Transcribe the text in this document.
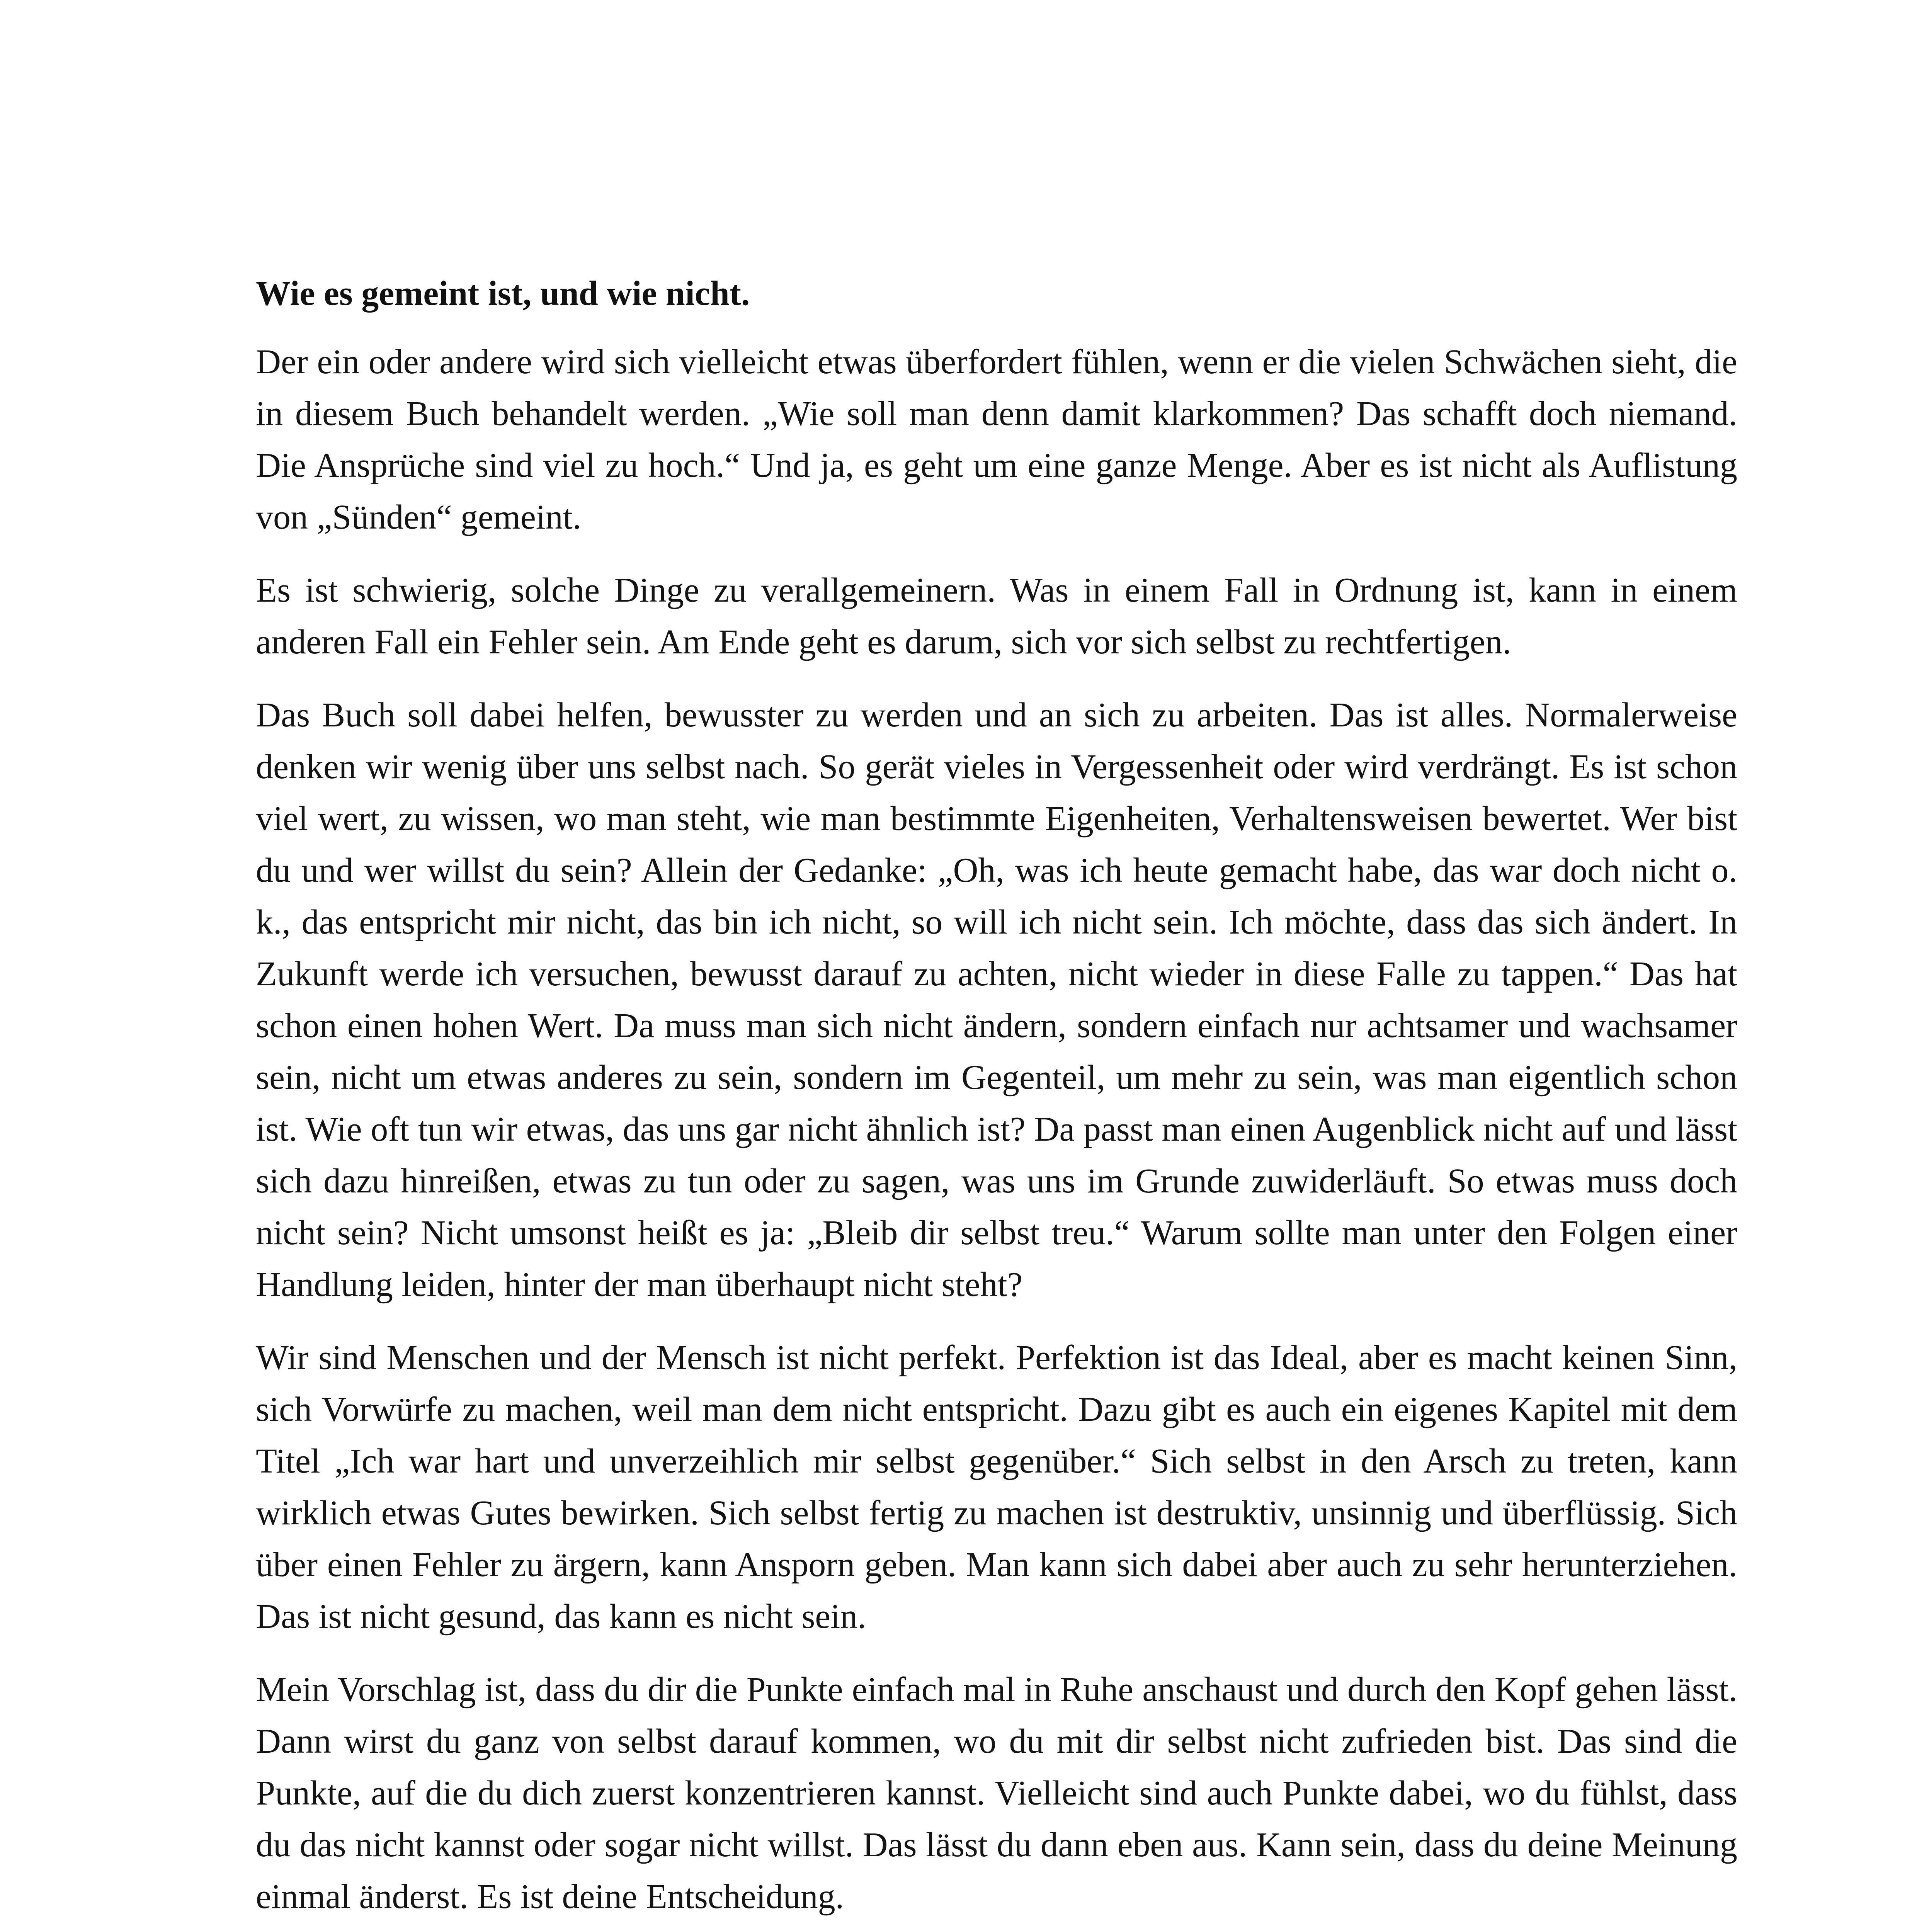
Wie es gemeint ist, und wie nicht.

Der ein oder andere wird sich vielleicht etwas überfordert fühlen, wenn er die vielen Schwächen sieht, die in diesem Buch behandelt werden. „Wie soll man denn damit klarkommen? Das schafft doch niemand. Die Ansprüche sind viel zu hoch.“ Und ja, es geht um eine ganze Menge. Aber es ist nicht als Auflistung von „Sünden“ gemeint.

Es ist schwierig, solche Dinge zu verallgemeinern. Was in einem Fall in Ordnung ist, kann in einem anderen Fall ein Fehler sein. Am Ende geht es darum, sich vor sich selbst zu rechtfertigen.

Das Buch soll dabei helfen, bewusster zu werden und an sich zu arbeiten. Das ist alles. Normalerweise denken wir wenig über uns selbst nach. So gerät vieles in Vergessenheit oder wird verdrängt. Es ist schon viel wert, zu wissen, wo man steht, wie man bestimmte Eigenheiten, Verhaltensweisen bewertet. Wer bist du und wer willst du sein? Allein der Gedanke: „Oh, was ich heute gemacht habe, das war doch nicht o. k., das entspricht mir nicht, das bin ich nicht, so will ich nicht sein. Ich möchte, dass das sich ändert. In Zukunft werde ich versuchen, bewusst darauf zu achten, nicht wieder in diese Falle zu tappen.“ Das hat schon einen hohen Wert. Da muss man sich nicht ändern, sondern einfach nur achtsamer und wachsamer sein, nicht um etwas anderes zu sein, sondern im Gegenteil, um mehr zu sein, was man eigentlich schon ist. Wie oft tun wir etwas, das uns gar nicht ähnlich ist? Da passt man einen Augenblick nicht auf und lässt sich dazu hinreißen, etwas zu tun oder zu sagen, was uns im Grunde zuwiderläuft. So etwas muss doch nicht sein? Nicht umsonst heißt es ja: „Bleib dir selbst treu.“ Warum sollte man unter den Folgen einer Handlung leiden, hinter der man überhaupt nicht steht?

Wir sind Menschen und der Mensch ist nicht perfekt. Perfektion ist das Ideal, aber es macht keinen Sinn, sich Vorwürfe zu machen, weil man dem nicht entspricht. Dazu gibt es auch ein eigenes Kapitel mit dem Titel „Ich war hart und unverzeihlich mir selbst gegenüber.“ Sich selbst in den Arsch zu treten, kann wirklich etwas Gutes bewirken. Sich selbst fertig zu machen ist destruktiv, unsinnig und überflüssig. Sich über einen Fehler zu ärgern, kann Ansporn geben. Man kann sich dabei aber auch zu sehr herunterziehen. Das ist nicht gesund, das kann es nicht sein.

Mein Vorschlag ist, dass du dir die Punkte einfach mal in Ruhe anschaust und durch den Kopf gehen lässt. Dann wirst du ganz von selbst darauf kommen, wo du mit dir selbst nicht zufrieden bist. Das sind die Punkte, auf die du dich zuerst konzentrieren kannst. Vielleicht sind auch Punkte dabei, wo du fühlst, dass du das nicht kannst oder sogar nicht willst. Das lässt du dann eben aus. Kann sein, dass du deine Meinung einmal änderst. Es ist deine Entscheidung.
